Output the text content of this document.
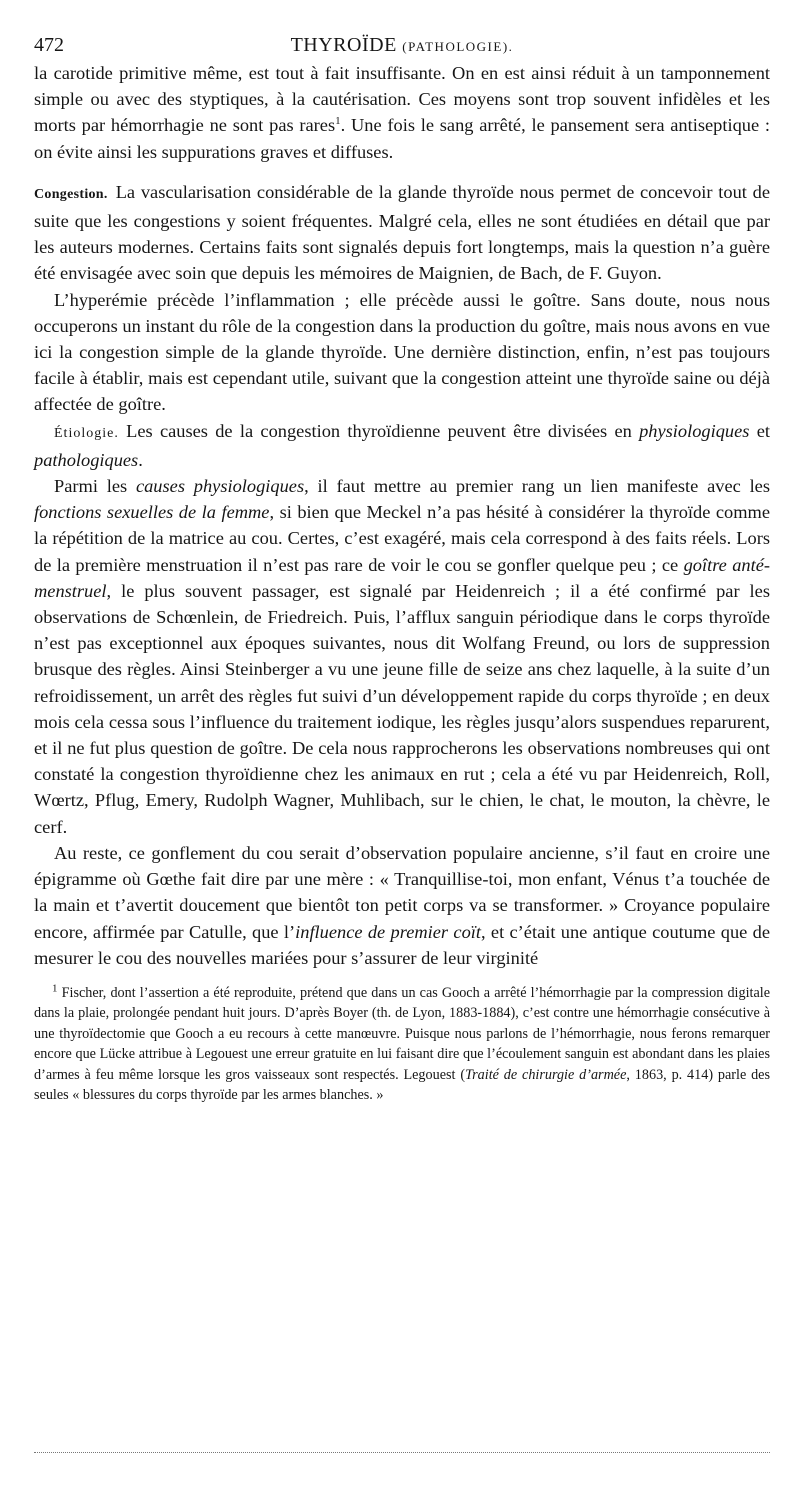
472	THYROÏDE (PATHOLOGIE).

la carotide primitive même, est tout à fait insuffisante. On en est ainsi réduit à un tamponnement simple ou avec des styptiques, à la cautérisation. Ces moyens sont trop souvent infidèles et les morts par hémorrhagie ne sont pas rares$^1$. Une fois le sang arrêté, le pansement sera antiseptique : on évite ainsi les suppurations graves et diffuses.

Congestion. La vascularisation considérable de la glande thyroïde nous permet de concevoir tout de suite que les congestions y soient fréquentes. Malgré cela, elles ne sont étudiées en détail que par les auteurs modernes. Certains faits sont signalés depuis fort longtemps, mais la question n’a guère été envisagée avec soin que depuis les mémoires de Maignien, de Bach, de F. Guyon.

L’hyperémie précède l’inflammation ; elle précède aussi le goître. Sans doute, nous nous occuperons un instant du rôle de la congestion dans la production du goître, mais nous avons en vue ici la congestion simple de la glande thyroïde. Une dernière distinction, enfin, n’est pas toujours facile à établir, mais est cependant utile, suivant que la congestion atteint une thyroïde saine ou déjà affectée de goître.

Étiologie. Les causes de la congestion thyroïdienne peuvent être divisées en physiologiques et pathologiques.

Parmi les causes physiologiques, il faut mettre au premier rang un lien manifeste avec les fonctions sexuelles de la femme, si bien que Meckel n’a pas hésité à considérer la thyroïde comme la répétition de la matrice au cou. Certes, c’est exagéré, mais cela correspond à des faits réels. Lors de la première menstruation il n’est pas rare de voir le cou se gonfler quelque peu ; ce goître anté-menstruel, le plus souvent passager, est signalé par Heidenreich ; il a été confirmé par les observations de Schœnlein, de Friedreich. Puis, l’afflux sanguin périodique dans le corps thyroïde n’est pas exceptionnel aux époques suivantes, nous dit Wolfang Freund, ou lors de suppression brusque des règles. Ainsi Steinberger a vu une jeune fille de seize ans chez laquelle, à la suite d’un refroidissement, un arrêt des règles fut suivi d’un développement rapide du corps thyroïde ; en deux mois cela cessa sous l’influence du traitement iodique, les règles jusqu’alors suspendues reparurent, et il ne fut plus question de goître. De cela nous rapprocherons les observations nombreuses qui ont constaté la congestion thyroïdienne chez les animaux en rut ; cela a été vu par Heidenreich, Roll, Wœrtz, Pflug, Emery, Rudolph Wagner, Muhlibach, sur le chien, le chat, le mouton, la chèvre, le cerf.

Au reste, ce gonflement du cou serait d’observation populaire ancienne, s’il faut en croire une épigramme où Gœthe fait dire par une mère : « Tranquillise-toi, mon enfant, Vénus t’a touchée de la main et t’avertit doucement que bientôt ton petit corps va se transformer. » Croyance populaire encore, affirmée par Catulle, que l’influence de premier coït, et c’était une antique coutume que de mesurer le cou des nouvelles mariées pour s’assurer de leur virginité

$^1$ Fischer, dont l’assertion a été reproduite, prétend que dans un cas Gooch a arrêté l’hémorrhagie par la compression digitale dans la plaie, prolongée pendant huit jours. D’après Boyer (th. de Lyon, 1883-1884), c’est contre une hémorrhagie consécutive à une thyroïdectomie que Gooch a eu recours à cette manœuvre. Puisque nous parlons de l’hémorrhagie, nous ferons remarquer encore que Lücke attribue à Legouest une erreur gratuite en lui faisant dire que l’écoulement sanguin est abondant dans les plaies d’armes à feu même lorsque les gros vaisseaux sont respectés. Legouest (Traité de chirurgie d’armée, 1863, p. 414) parle des seules « blessures du corps thyroïde par les armes blanches. »
